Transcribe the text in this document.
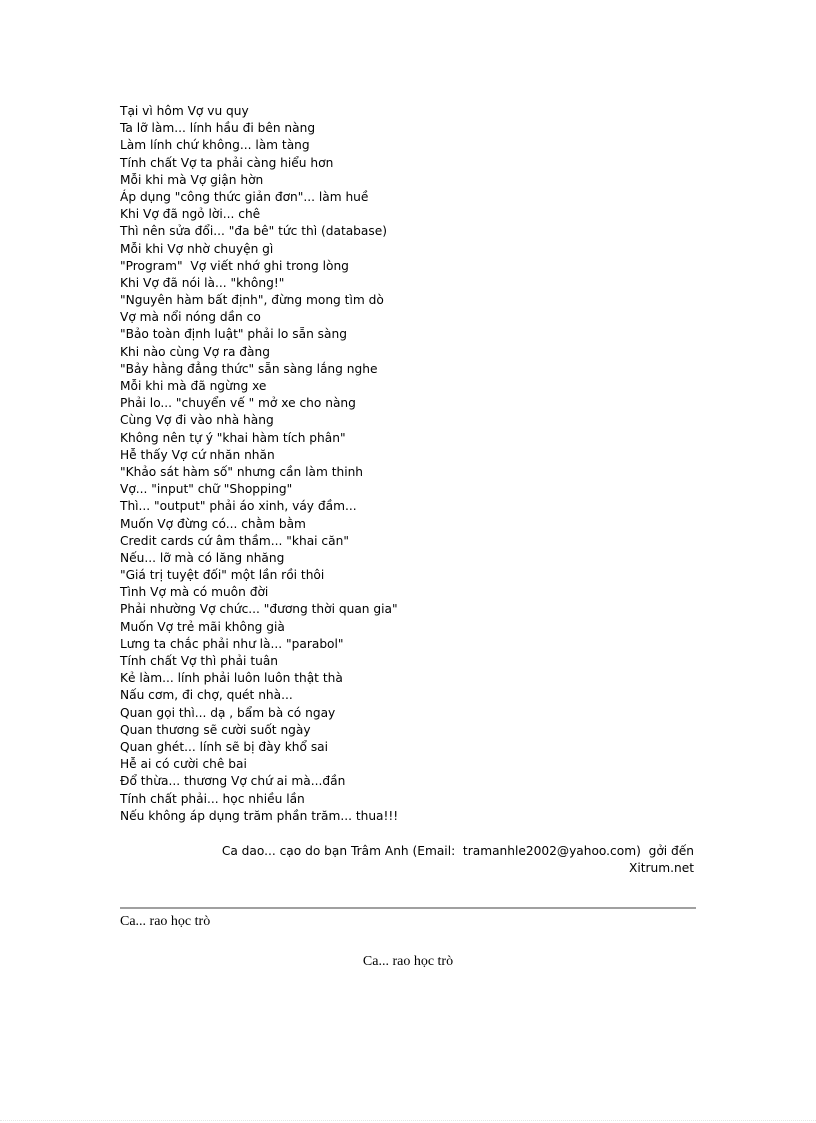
Tại vì hôm Vợ vu quy
Ta lỡ làm... lính hầu đi bên nàng
Làm lính chứ không... làm tàng
Tính chất Vợ ta phải càng hiểu hơn
Mỗi khi mà Vợ giận hờn
Áp dụng "công thức giản đơn"... làm huề
Khi Vợ đã ngỏ lời... chê
Thì nên sửa đổi... "đa bê" tức thì (database)
Mỗi khi Vợ nhờ chuyện gì
"Program"  Vợ viết nhớ ghi trong lòng
Khi Vợ đã nói là... "không!"
"Nguyên hàm bất định", đừng mong tìm dò
Vợ mà nổi nóng dần co
"Bảo toàn định luật" phải lo sẵn sàng
Khi nào cùng Vợ ra đàng
"Bảy hằng đẳng thức" sẵn sàng lắng nghe
Mỗi khi mà đã ngừng xe
Phải lo... "chuyển vế " mở xe cho nàng
Cùng Vợ đi vào nhà hàng
Không nên tự ý "khai hàm tích phân"
Hễ thấy Vợ cứ nhăn nhăn
"Khảo sát hàm số" nhưng cần làm thinh
Vợ... "input" chữ "Shopping"
Thì... "output" phải áo xinh, váy đầm...
Muốn Vợ đừng có... chằm bằm
Credit cards cứ âm thầm... "khai căn"
Nếu... lỡ mà có lăng nhăng
"Giá trị tuyệt đối" một lần rồi thôi
Tình Vợ mà có muôn đời
Phải nhường Vợ chức... "đương thời quan gia"
Muốn Vợ trẻ mãi không già
Lưng ta chắc phải như là... "parabol"
Tính chất Vợ thì phải tuân
Kẻ làm... lính phải luôn luôn thật thà
Nấu cơm, đi chợ, quét nhà...
Quan gọi thì... dạ , bẩm bà có ngay
Quan thương sẽ cười suốt ngày
Quan ghét... lính sẽ bị đày khổ sai
Hễ ai có cười chê bai
Đổ thừa... thương Vợ chứ ai mà...đần
Tính chất phải... học nhiều lần
Nếu không áp dụng trăm phần trăm... thua!!!
Ca dao... cạo do bạn Trâm Anh (Email:  tramanhle2002@yahoo.com)  gởi đến
Xitrum.net
Ca... rao học trò
Ca... rao học trò
